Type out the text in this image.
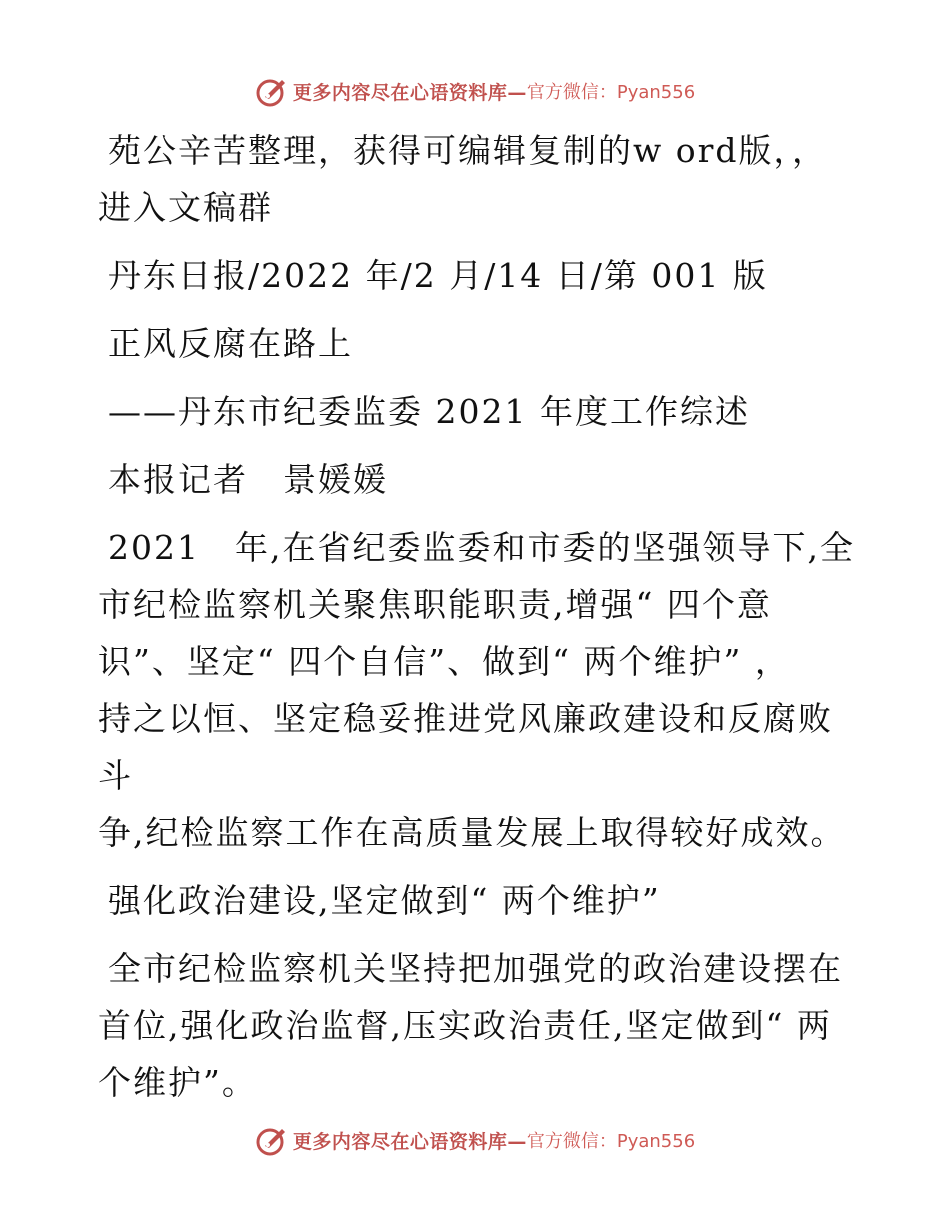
更多内容尽在心语资料库— 官方微信：Pyan556

苑公辛苦整理，获得可编辑复制的w ord版，，

进入文稿群

丹东日报/2022 年/2 月/14 日/第 001 版

正风反腐在路上

——丹东市纪委监委 2021 年度工作综述

本报记者　景媛媛

2021　年,在省纪委监委和市委的坚强领导下,全

市纪检监察机关聚焦职能职责,增强“ 四个意

识”、坚定“ 四个自信”、做到“ 两个维护” ，

持之以恒、坚定稳妥推进党风廉政建设和反腐败斗

争,纪检监察工作在高质量发展上取得较好成效。

强化政治建设,坚定做到“ 两个维护”

全市纪检监察机关坚持把加强党的政治建设摆在

首位,强化政治监督,压实政治责任,坚定做到“ 两

个维护”。

更多内容尽在心语资料库— 官方微信：Pyan556
